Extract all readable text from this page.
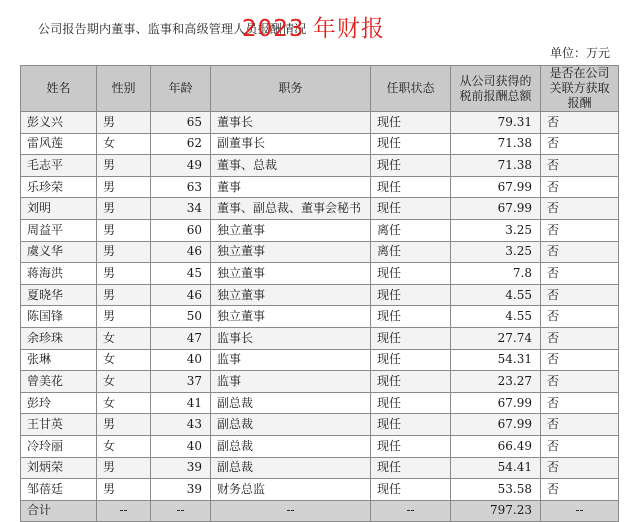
公司报告期内董事、监事和高级管理人员报酬情况
2023 年财报
单位：万元
姓名	性别	年龄	职务	任职状态	从公司获得的税前报酬总额	是否在公司关联方获取报酬
彭义兴	男	65	董事长	现任	79.31	否
雷风莲	女	62	副董事长	现任	71.38	否
毛志平	男	49	董事、总裁	现任	71.38	否
乐珍荣	男	63	董事	现任	67.99	否
刘明	男	34	董事、副总裁、董事会秘书	现任	67.99	否
周益平	男	60	独立董事	离任	3.25	否
虞义华	男	46	独立董事	离任	3.25	否
蒋海洪	男	45	独立董事	现任	7.8	否
夏晓华	男	46	独立董事	现任	4.55	否
陈国锋	男	50	独立董事	现任	4.55	否
余珍珠	女	47	监事长	现任	27.74	否
张琳	女	40	监事	现任	54.31	否
曾美花	女	37	监事	现任	23.27	否
彭玲	女	41	副总裁	现任	67.99	否
王甘英	男	43	副总裁	现任	67.99	否
冷玲丽	女	40	副总裁	现任	66.49	否
刘炳荣	男	39	副总裁	现任	54.41	否
邹蓓廷	男	39	财务总监	现任	53.58	否
合计	--	--	--	--	797.23	--
